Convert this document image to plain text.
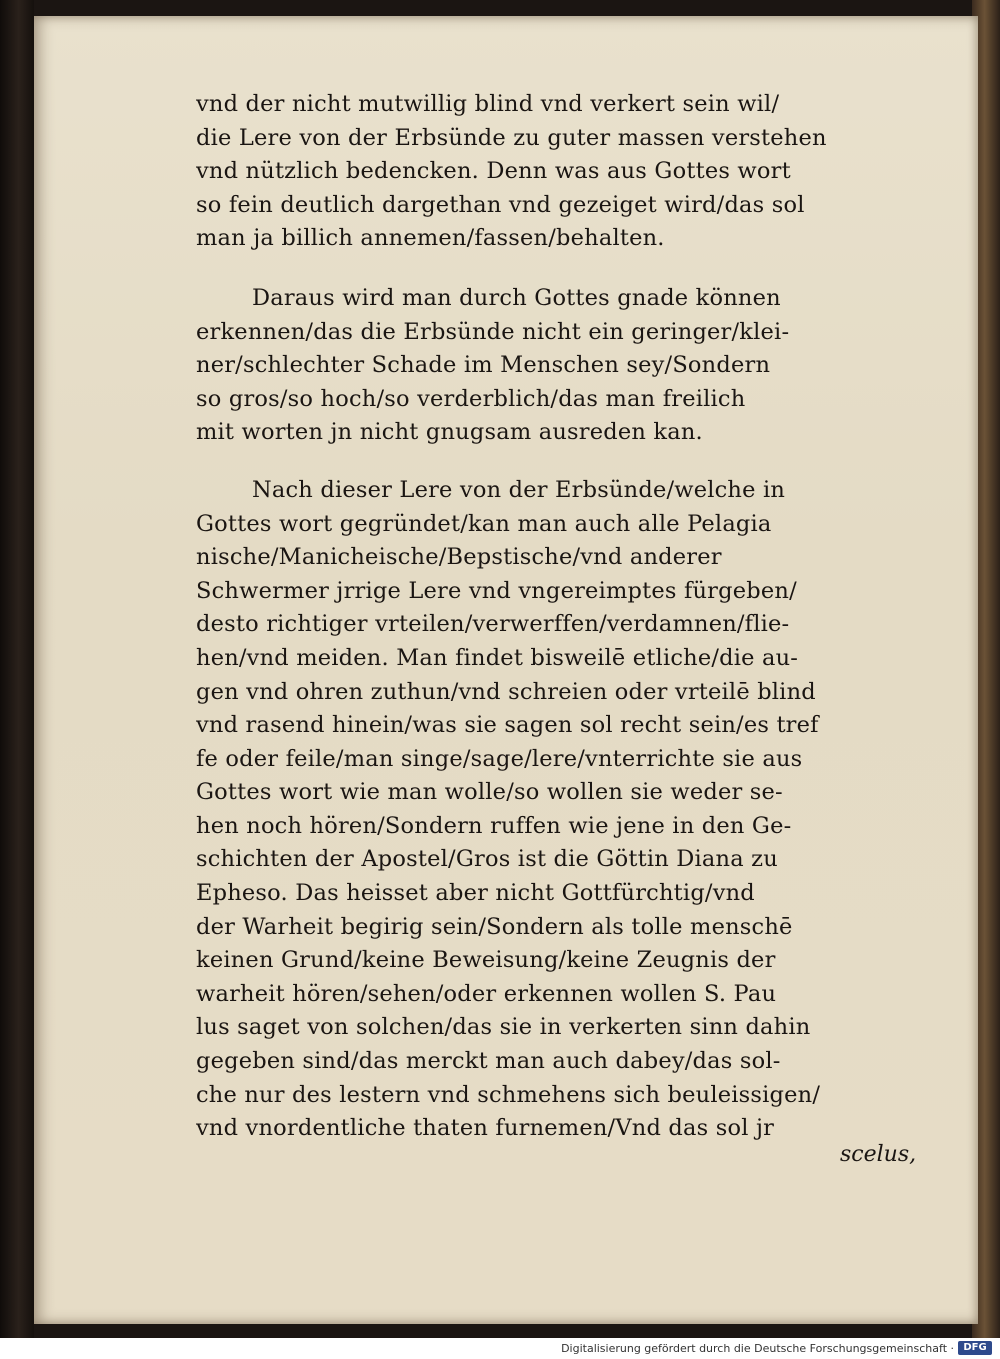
vnd der nicht mutwillig blind vnd verkert sein wil/
die Lere von der Erbsünde zu guter massen verstehen
vnd nützlich bedencken. Denn was aus Gottes wort
so fein deutlich dargethan vnd gezeiget wird/das sol
man ja billich annemen/fassen/behalten.

Daraus wird man durch Gottes gnade können
erkennen/das die Erbsünde nicht ein geringer/klei-
ner/schlechter Schade im Menschen sey/Sondern
so gros/so hoch/so verderblich/das man freilich
mit worten jn nicht gnugsam ausreden kan.

Nach dieser Lere von der Erbsünde/welche in
Gottes wort gegründet/kan man auch alle Pelagia
nische/Manicheische/Bepstische/vnd anderer
Schwermer jrrige Lere vnd vngereimptes fürgeben/
desto richtiger vrteilen/verwerffen/verdamnen/flie-
hen/vnd meiden. Man findet bisweilē etliche/die au-
gen vnd ohren zuthun/vnd schreien oder vrteilē blind
vnd rasend hinein/was sie sagen sol recht sein/es tref
fe oder feile/man singe/sage/lere/vnterrichte sie aus
Gottes wort wie man wolle/so wollen sie weder se-
hen noch hören/Sondern ruffen wie jene in den Ge-
schichten der Apostel/Gros ist die Göttin Diana zu
Epheso. Das heisset aber nicht Gottfürchtig/vnd
der Warheit begirig sein/Sondern als tolle menschē
keinen Grund/keine Beweisung/keine Zeugnis der
warheit hören/sehen/oder erkennen wollen S. Pau
lus saget von solchen/das sie in verkerten sinn dahin
gegeben sind/das merckt man auch dabey/das sol-
che nur des lestern vnd schmehens sich beuleissigen/
vnd vnordentliche thaten furnemen/Vnd das sol jr

scelus,
Digitalisierung gefördert durch die Deutsche Forschungsgemeinschaft · DFG
